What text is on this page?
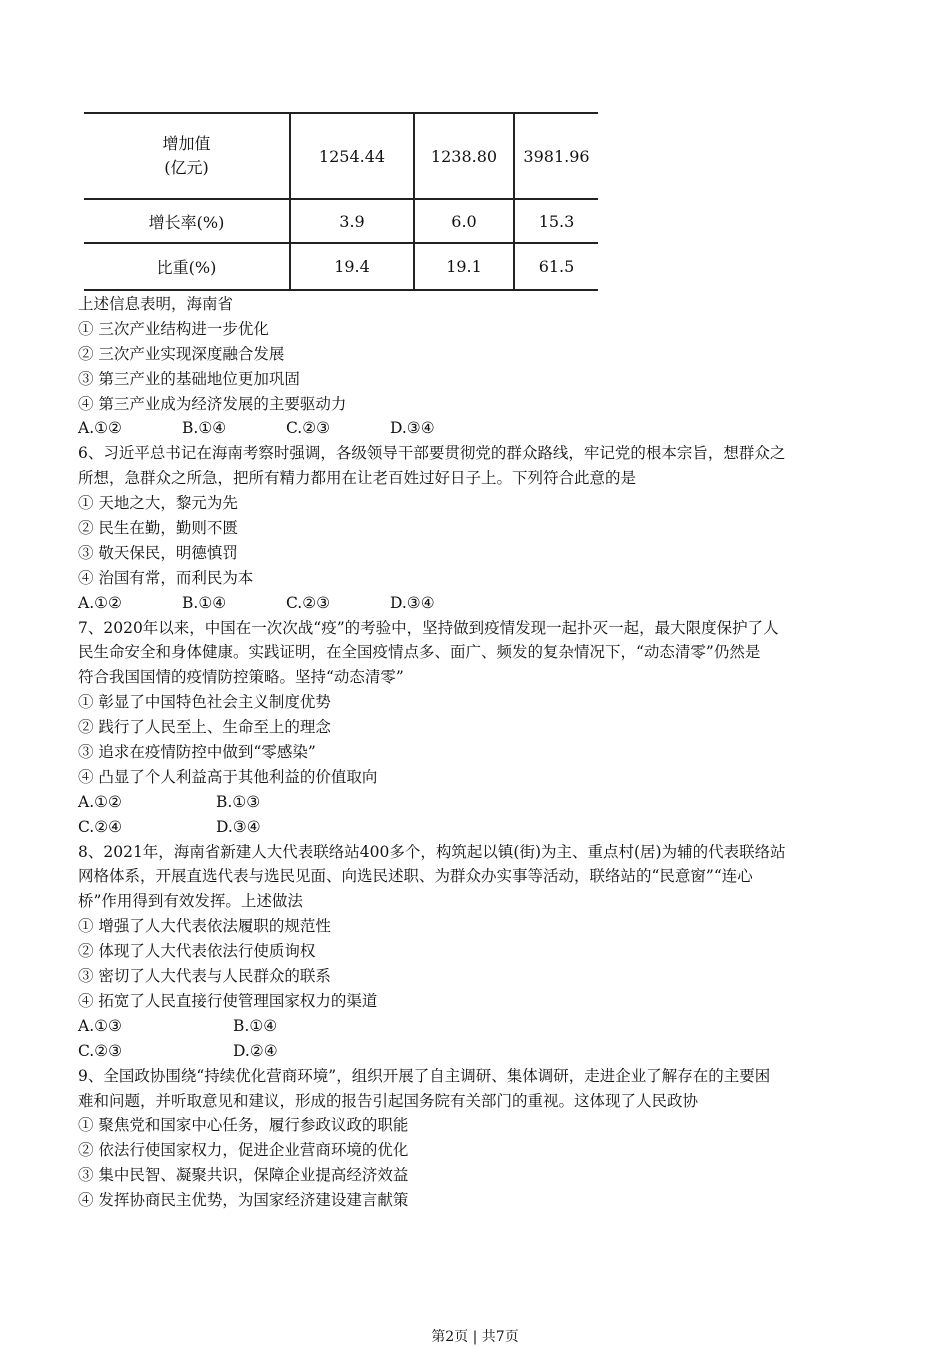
增加值
(亿元)	1254.44	1238.80	3981.96
增长率(%)	3.9	6.0	15.3
比重(%)	19.4	19.1	61.5
上述信息表明，海南省
① 三次产业结构进一步优化
② 三次产业实现深度融合发展
③ 第三产业的基础地位更加巩固
④ 第三产业成为经济发展的主要驱动力
A.①②	B.①④	C.②③	D.③④
6、习近平总书记在海南考察时强调，各级领导干部要贯彻党的群众路线，牢记党的根本宗旨，想群众之
所想，急群众之所急，把所有精力都用在让老百姓过好日子上。下列符合此意的是
① 天地之大，黎元为先
② 民生在勤，勤则不匮
③ 敬天保民，明德慎罚
④ 治国有常，而利民为本
A.①②	B.①④	C.②③	D.③④
7、2020年以来，中国在一次次战“疫”的考验中，坚持做到疫情发现一起扑灭一起，最大限度保护了人
民生命安全和身体健康。实践证明，在全国疫情点多、面广、频发的复杂情况下，“动态清零”仍然是
符合我国国情的疫情防控策略。坚持“动态清零”
① 彰显了中国特色社会主义制度优势
② 践行了人民至上、生命至上的理念
③ 追求在疫情防控中做到“零感染”
④ 凸显了个人利益高于其他利益的价值取向
A.①②	B.①③
C.②④	D.③④
8、2021年，海南省新建人大代表联络站400多个，构筑起以镇(街)为主、重点村(居)为辅的代表联络站
网格体系，开展直选代表与选民见面、向选民述职、为群众办实事等活动，联络站的“民意窗”“连心
桥”作用得到有效发挥。上述做法
① 增强了人大代表依法履职的规范性
② 体现了人大代表依法行使质询权
③ 密切了人大代表与人民群众的联系
④ 拓宽了人民直接行使管理国家权力的渠道
A.①③	B.①④
C.②③	D.②④
9、全国政协围绕“持续优化营商环境”，组织开展了自主调研、集体调研，走进企业了解存在的主要困
难和问题，并听取意见和建议，形成的报告引起国务院有关部门的重视。这体现了人民政协
① 聚焦党和国家中心任务，履行参政议政的职能
② 依法行使国家权力，促进企业营商环境的优化
③ 集中民智、凝聚共识，保障企业提高经济效益
④ 发挥协商民主优势，为国家经济建设建言献策
第2页 | 共7页
